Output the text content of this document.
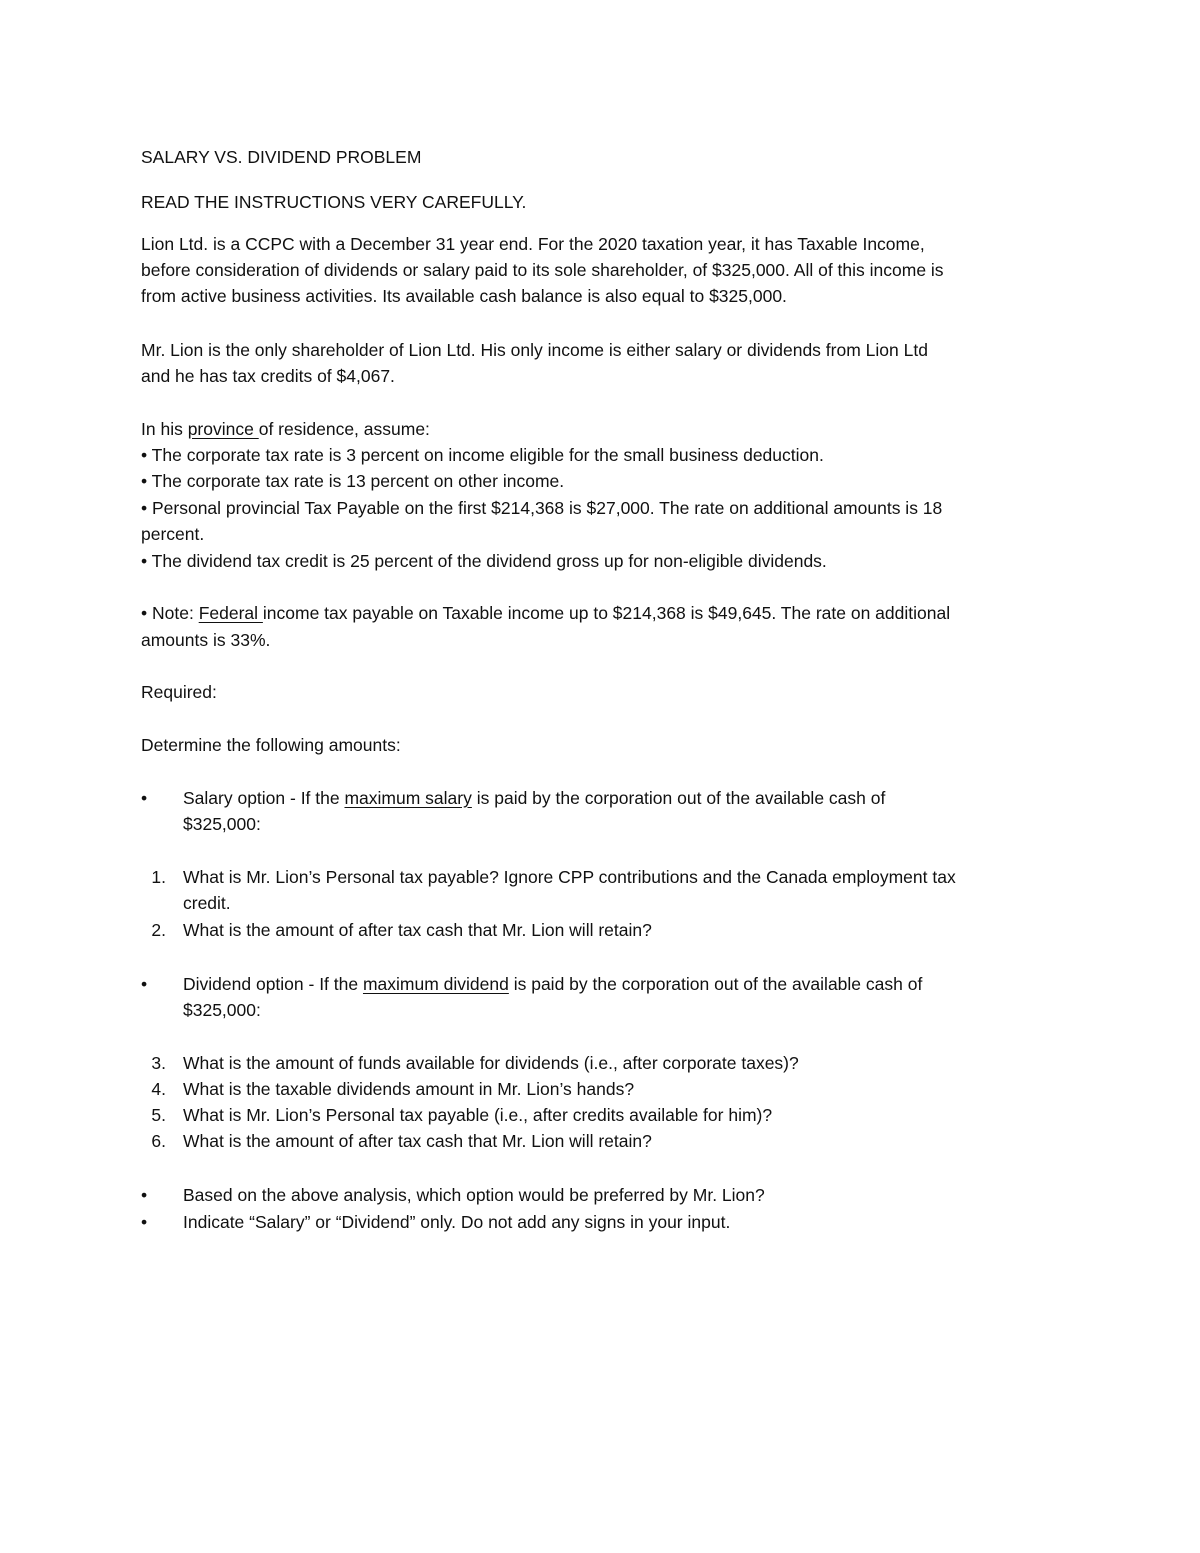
SALARY VS. DIVIDEND PROBLEM
READ THE INSTRUCTIONS VERY CAREFULLY.
Lion Ltd. is a CCPC with a December 31 year end. For the 2020 taxation year, it has Taxable Income,
before consideration of dividends or salary paid to its sole shareholder, of $325,000. All of this income is
from active business activities. Its available cash balance is also equal to $325,000.
Mr. Lion is the only shareholder of Lion Ltd. His only income is either salary or dividends from Lion Ltd
and he has tax credits of $4,067.
In his province of residence, assume:
• The corporate tax rate is 3 percent on income eligible for the small business deduction.
• The corporate tax rate is 13 percent on other income.
• Personal provincial Tax Payable on the first $214,368 is $27,000. The rate on additional amounts is 18
percent.
• The dividend tax credit is 25 percent of the dividend gross up for non-eligible dividends.
• Note: Federal income tax payable on Taxable income up to $214,368 is $49,645. The rate on additional
amounts is 33%.
Required:
Determine the following amounts:
• Salary option - If the maximum salary is paid by the corporation out of the available cash of
$325,000:
1. What is Mr. Lion’s Personal tax payable? Ignore CPP contributions and the Canada employment tax
credit.
2. What is the amount of after tax cash that Mr. Lion will retain?
• Dividend option - If the maximum dividend is paid by the corporation out of the available cash of
$325,000:
3. What is the amount of funds available for dividends (i.e., after corporate taxes)?
4. What is the taxable dividends amount in Mr. Lion’s hands?
5. What is Mr. Lion’s Personal tax payable (i.e., after credits available for him)?
6. What is the amount of after tax cash that Mr. Lion will retain?
• Based on the above analysis, which option would be preferred by Mr. Lion?
• Indicate “Salary” or “Dividend” only. Do not add any signs in your input.
